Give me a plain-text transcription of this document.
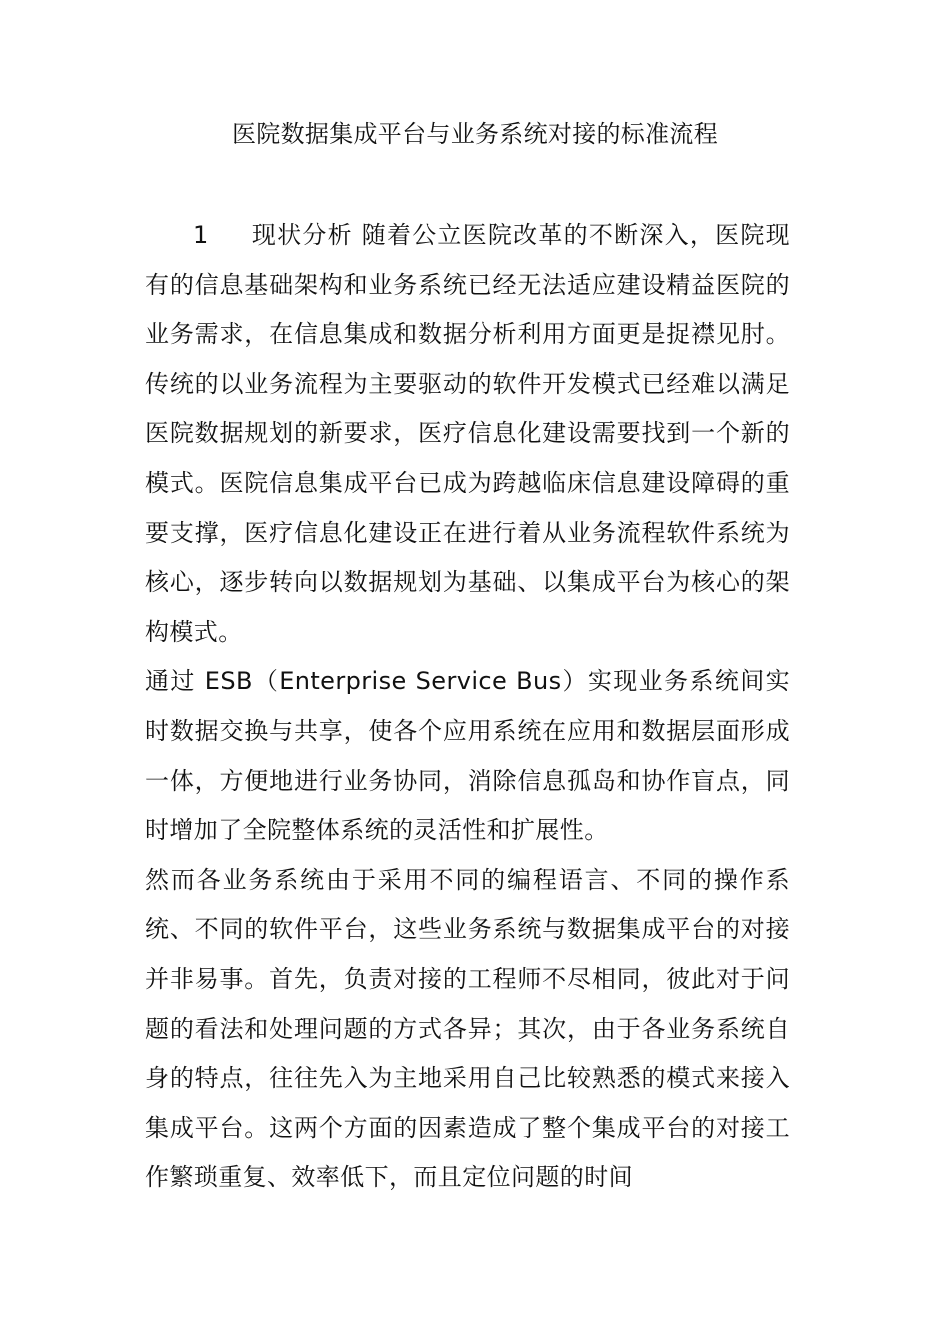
医院数据集成平台与业务系统对接的标准流程

1 现状分析 随着公立医院改革的不断深入，医院现有的信息基础架构和业务系统已经无法适应建设精益医院的业务需求，在信息集成和数据分析利用方面更是捉襟见肘。传统的以业务流程为主要驱动的软件开发模式已经难以满足医院数据规划的新要求，医疗信息化建设需要找到一个新的模式。医院信息集成平台已成为跨越临床信息建设障碍的重要支撑，医疗信息化建设正在进行着从业务流程软件系统为核心，逐步转向以数据规划为基础、以集成平台为核心的架构模式。

通过 ESB（Enterprise Service Bus）实现业务系统间实时数据交换与共享，使各个应用系统在应用和数据层面形成一体，方便地进行业务协同，消除信息孤岛和协作盲点，同时增加了全院整体系统的灵活性和扩展性。

然而各业务系统由于采用不同的编程语言、不同的操作系统、不同的软件平台，这些业务系统与数据集成平台的对接并非易事。首先，负责对接的工程师不尽相同，彼此对于问题的看法和处理问题的方式各异；其次，由于各业务系统自身的特点，往往先入为主地采用自己比较熟悉的模式来接入集成平台。这两个方面的因素造成了整个集成平台的对接工作繁琐重复、效率低下，而且定位问题的时间
